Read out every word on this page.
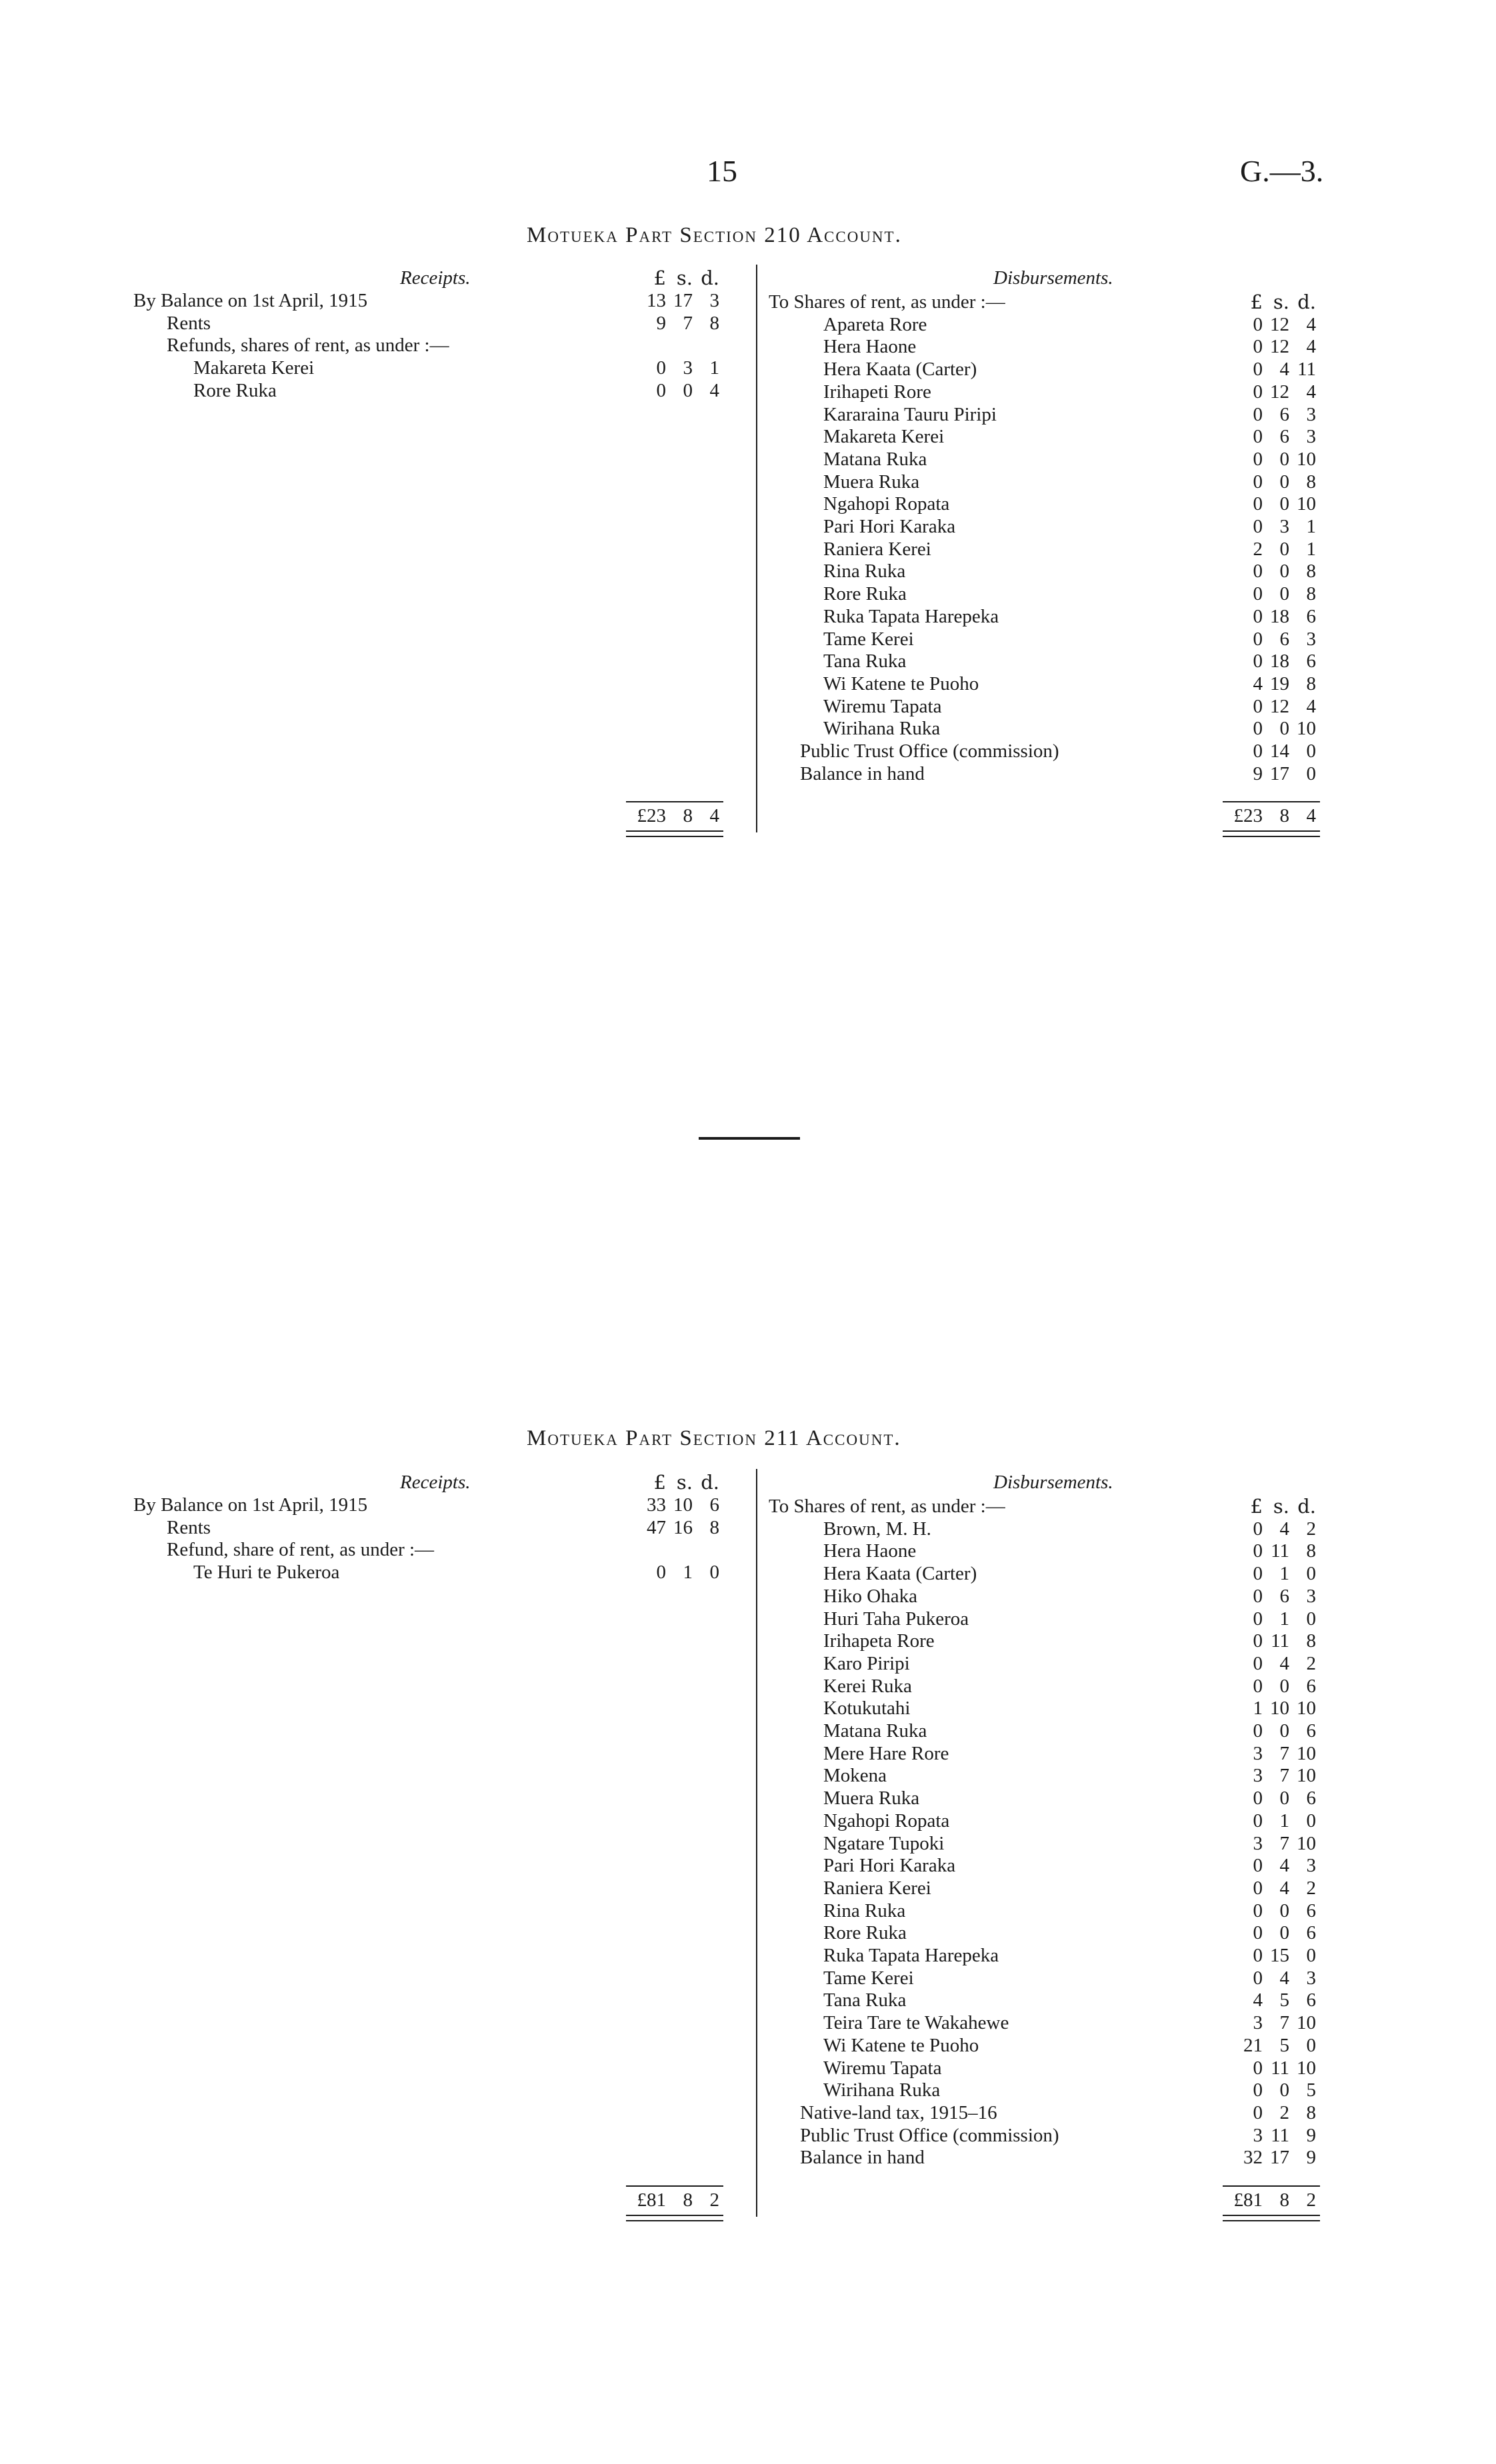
15	G.—3.
Motueka Part Section 210 Account.
Receipts.	Disbursements.
£ s. d.
£ s. d.
By Balance on 1st April, 1915	13 17 3
Rents	9 7 8
Refunds, shares of rent, as under :—
Makareta Kerei	0 3 1
Rore Ruka	0 0 4
To Shares of rent, as under :—
Apareta Rore	0 12 4
Hera Haone	0 12 4
Hera Kaata (Carter)	0 4 11
Irihapeti Rore	0 12 4
Kararaina Tauru Piripi	0 6 3
Makareta Kerei	0 6 3
Matana Ruka	0 0 10
Muera Ruka	0 0 8
Ngahopi Ropata	0 0 10
Pari Hori Karaka	0 3 1
Raniera Kerei	2 0 1
Rina Ruka	0 0 8
Rore Ruka	0 0 8
Ruka Tapata Harepeka	0 18 6
Tame Kerei	0 6 3
Tana Ruka	0 18 6
Wi Katene te Puoho	4 19 8
Wiremu Tapata	0 12 4
Wirihana Ruka	0 0 10
Public Trust Office (commission)	0 14 0
Balance in hand	9 17 0
£23 8 4	£23 8 4
Motueka Part Section 211 Account.
Receipts.	Disbursements.
£ s. d.
£ s. d.
By Balance on 1st April, 1915	33 10 6
Rents	47 16 8
Refund, share of rent, as under :—
Te Huri te Pukeroa	0 1 0
To Shares of rent, as under :—
Brown, M. H.	0 4 2
Hera Haone	0 11 8
Hera Kaata (Carter)	0 1 0
Hiko Ohaka	0 6 3
Huri Taha Pukeroa	0 1 0
Irihapeta Rore	0 11 8
Karo Piripi	0 4 2
Kerei Ruka	0 0 6
Kotukutahi	1 10 10
Matana Ruka	0 0 6
Mere Hare Rore	3 7 10
Mokena	3 7 10
Muera Ruka	0 0 6
Ngahopi Ropata	0 1 0
Ngatare Tupoki	3 7 10
Pari Hori Karaka	0 4 3
Raniera Kerei	0 4 2
Rina Ruka	0 0 6
Rore Ruka	0 0 6
Ruka Tapata Harepeka	0 15 0
Tame Kerei	0 4 3
Tana Ruka	4 5 6
Teira Tare te Wakahewe	3 7 10
Wi Katene te Puoho	21 5 0
Wiremu Tapata	0 11 10
Wirihana Ruka	0 0 5
Native-land tax, 1915–16	0 2 8
Public Trust Office (commission)	3 11 9
Balance in hand	32 17 9
£81 8 2	£81 8 2
